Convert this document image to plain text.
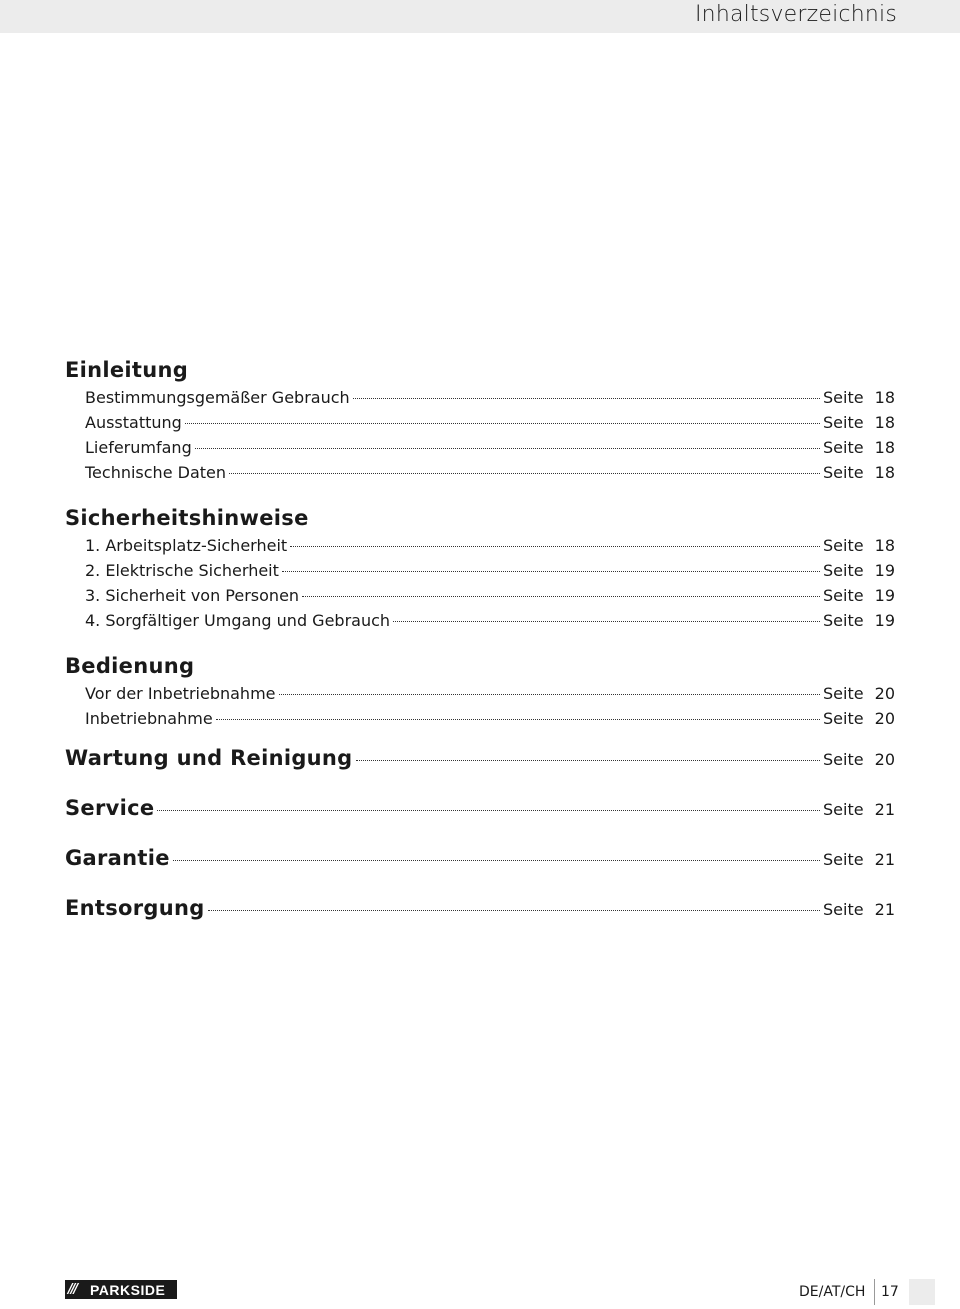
Inhaltsverzeichnis
Einleitung
Bestimmungsgemäßer Gebrauch	Seite 18
Ausstattung	Seite 18
Lieferumfang	Seite 18
Technische Daten	Seite 18
Sicherheitshinweise
1. Arbeitsplatz-Sicherheit	Seite 18
2. Elektrische Sicherheit	Seite 19
3. Sicherheit von Personen	Seite 19
4. Sorgfältiger Umgang und Gebrauch	Seite 19
Bedienung
Vor der Inbetriebnahme	Seite 20
Inbetriebnahme	Seite 20
Wartung und Reinigung	Seite 20
Service	Seite 21
Garantie	Seite 21
Entsorgung	Seite 21
/// PARKSIDE	DE/AT/CH 17
